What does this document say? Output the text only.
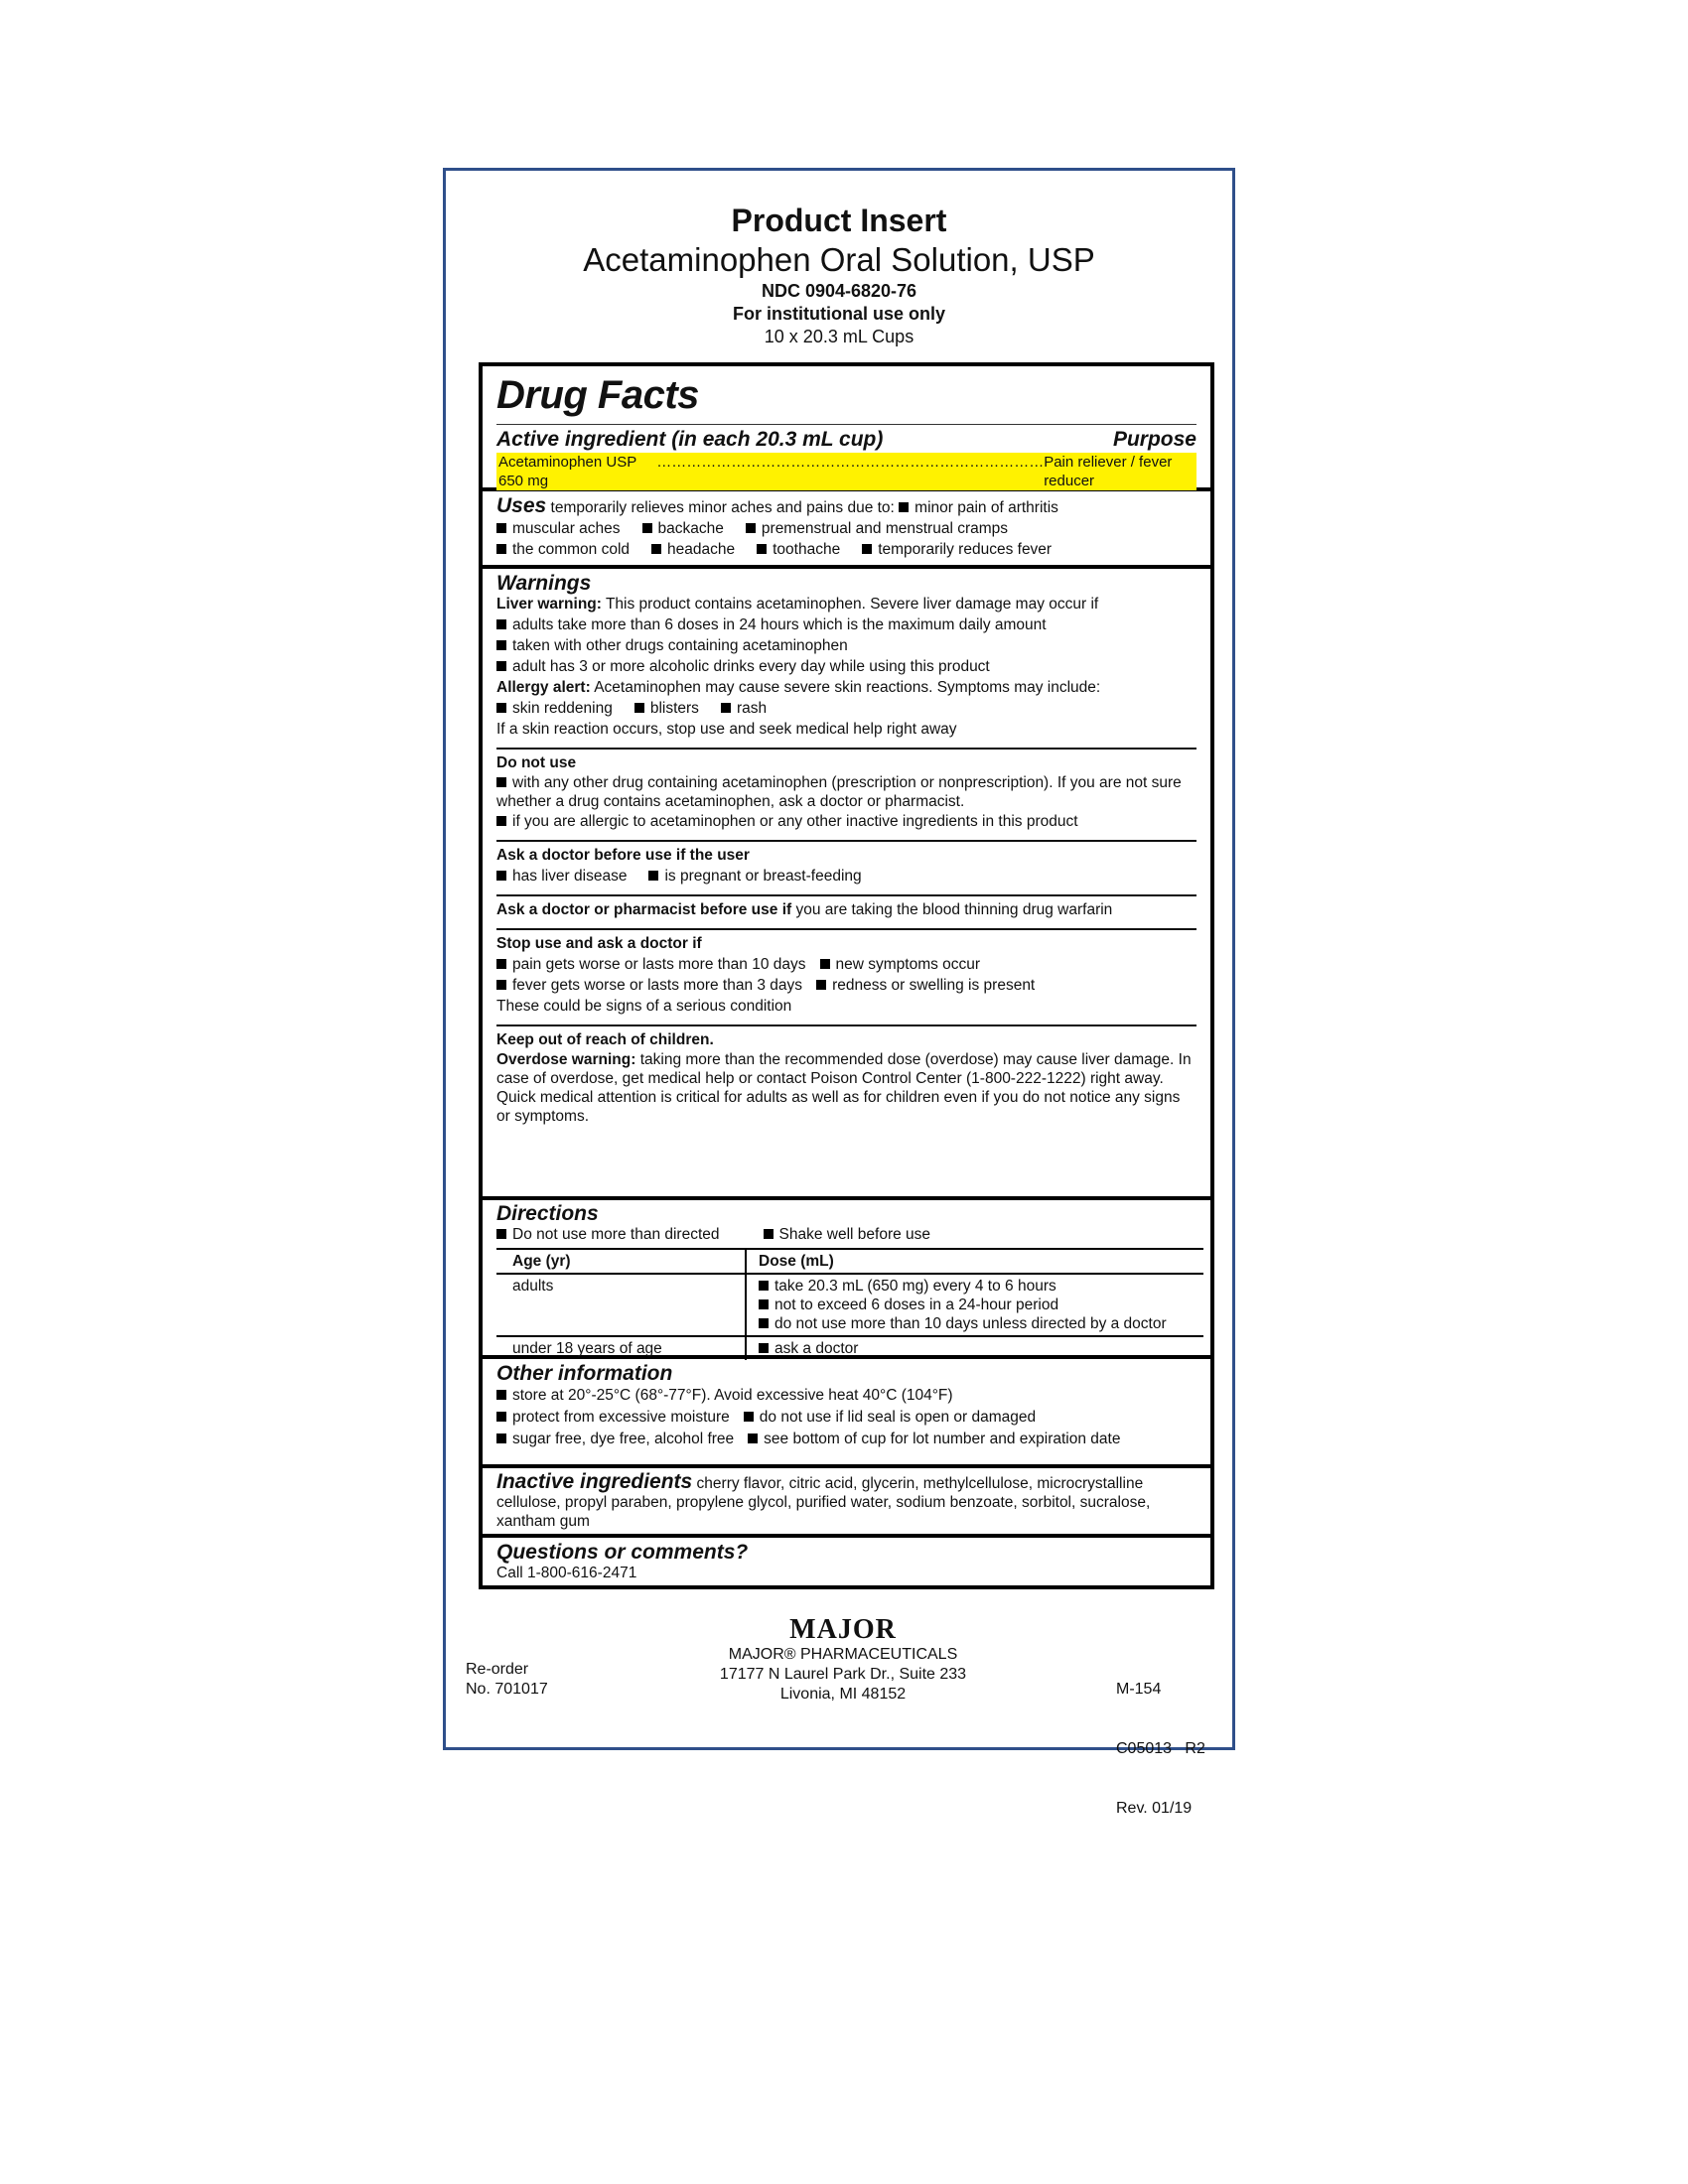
Product Insert
Acetaminophen Oral Solution, USP
NDC 0904-6820-76
For institutional use only
10 x 20.3 mL Cups
Drug Facts
Active ingredient (in each 20.3 mL cup)	Purpose
Acetaminophen USP 650 mg
…………………………………………………………………… Pain reliever / fever reducer
Uses temporarily relieves minor aches and pains due to: minor pain of arthritis
muscular aches backache premenstrual and menstrual cramps
the common cold headache toothache temporarily reduces fever
Warnings
Liver warning: This product contains acetaminophen. Severe liver damage may occur if
adults take more than 6 doses in 24 hours which is the maximum daily amount
taken with other drugs containing acetaminophen
adult has 3 or more alcoholic drinks every day while using this product
Allergy alert: Acetaminophen may cause severe skin reactions. Symptoms may include:
skin reddening blisters rash
If a skin reaction occurs, stop use and seek medical help right away
Do not use
with any other drug containing acetaminophen (prescription or nonprescription). If you are not sure whether a drug contains acetaminophen, ask a doctor or pharmacist.
if you are allergic to acetaminophen or any other inactive ingredients in this product
Ask a doctor before use if the user
has liver disease is pregnant or breast-feeding
Ask a doctor or pharmacist before use if you are taking the blood thinning drug warfarin
Stop use and ask a doctor if
pain gets worse or lasts more than 10 days new symptoms occur
fever gets worse or lasts more than 3 days redness or swelling is present
These could be signs of a serious condition
Keep out of reach of children.
Overdose warning: taking more than the recommended dose (overdose) may cause liver damage. In case of overdose, get medical help or contact Poison Control Center (1-800-222-1222) right away. Quick medical attention is critical for adults as well as for children even if you do not notice any signs or symptoms.
Directions
Do not use more than directed	Shake well before use
Age (yr)	Dose (mL)
adults	take 20.3 mL (650 mg) every 4 to 6 hours
not to exceed 6 doses in a 24-hour period
do not use more than 10 days unless directed by a doctor

under 18 years of age	ask a doctor
Other information
store at 20°-25°C (68°-77°F). Avoid excessive heat 40°C (104°F)
protect from excessive moisture do not use if lid seal is open or damaged
sugar free, dye free, alcohol free see bottom of cup for lot number and expiration date
Inactive ingredients cherry flavor, citric acid, glycerin, methylcellulose, microcrystalline cellulose, propyl paraben, propylene glycol, purified water, sodium benzoate, sorbitol, sucralose, xantham gum
Questions or comments?
Call 1-800-616-2471
Re-order
No. 701017
MAJOR
MAJOR® PHARMACEUTICALS
17177 N Laurel Park Dr., Suite 233
Livonia, MI 48152

	M-154

C05013   R2

Rev. 01/19
